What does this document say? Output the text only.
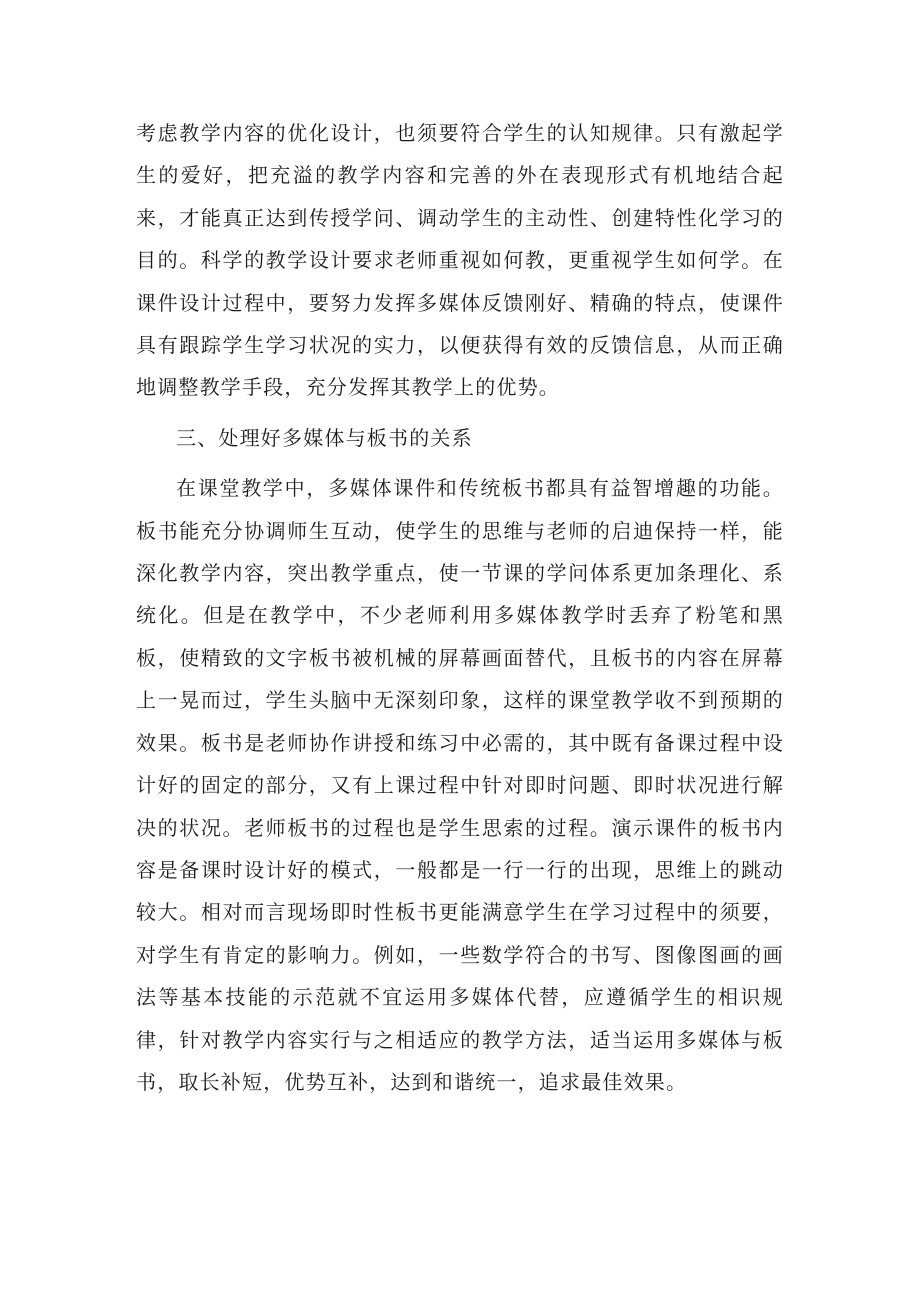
考虑教学内容的优化设计，也须要符合学生的认知规律。只有激起学生的爱好，把充溢的教学内容和完善的外在表现形式有机地结合起来，才能真正达到传授学问、调动学生的主动性、创建特性化学习的目的。科学的教学设计要求老师重视如何教，更重视学生如何学。在课件设计过程中，要努力发挥多媒体反馈刚好、精确的特点，使课件具有跟踪学生学习状况的实力，以便获得有效的反馈信息，从而正确地调整教学手段，充分发挥其教学上的优势。

三、处理好多媒体与板书的关系

在课堂教学中，多媒体课件和传统板书都具有益智增趣的功能。板书能充分协调师生互动，使学生的思维与老师的启迪保持一样，能深化教学内容，突出教学重点，使一节课的学问体系更加条理化、系统化。但是在教学中，不少老师利用多媒体教学时丢弃了粉笔和黑板，使精致的文字板书被机械的屏幕画面替代，且板书的内容在屏幕上一晃而过，学生头脑中无深刻印象，这样的课堂教学收不到预期的效果。板书是老师协作讲授和练习中必需的，其中既有备课过程中设计好的固定的部分，又有上课过程中针对即时问题、即时状况进行解决的状况。老师板书的过程也是学生思索的过程。演示课件的板书内容是备课时设计好的模式，一般都是一行一行的出现，思维上的跳动较大。相对而言现场即时性板书更能满意学生在学习过程中的须要，对学生有肯定的影响力。例如，一些数学符合的书写、图像图画的画法等基本技能的示范就不宜运用多媒体代替，应遵循学生的相识规律，针对教学内容实行与之相适应的教学方法，适当运用多媒体与板书，取长补短，优势互补，达到和谐统一，追求最佳效果。
